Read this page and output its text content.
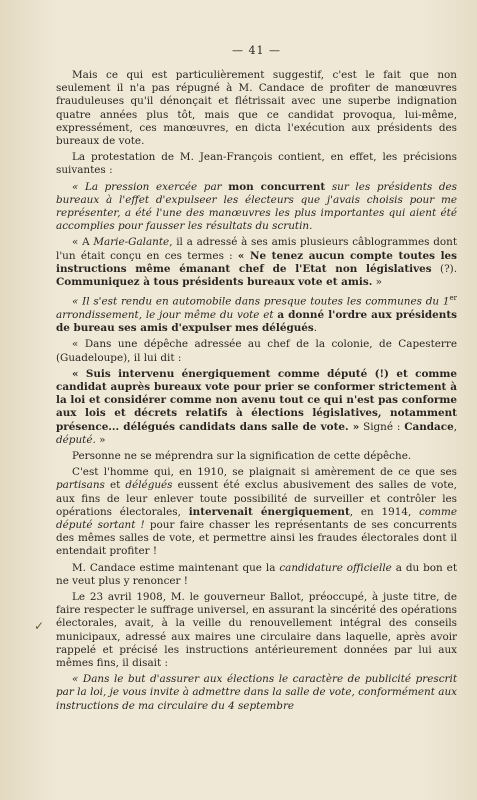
— 41 —

Mais ce qui est particulièrement suggestif, c'est le fait que non seulement il n'a pas répugné à M. Candace de profiter de manœuvres frauduleuses qu'il dénonçait et flétrissait avec une superbe indignation quatre années plus tôt, mais que ce candidat provoqua, lui-même, expressément, ces manœuvres, en dicta l'exécution aux présidents des bureaux de vote.

La protestation de M. Jean-François contient, en effet, les précisions suivantes :

« La pression exercée par mon concurrent sur les présidents des bureaux à l'effet d'expulseer les électeurs que j'avais choisis pour me représenter, a été l'une des manœuvres les plus importantes qui aient été accomplies pour fausser les résultats du scrutin.

« A Marie-Galante, il a adressé à ses amis plusieurs câblogrammes dont l'un était conçu en ces termes : « Ne tenez aucun compte toutes les instructions même émanant chef de l'Etat non législatives (?). Communiquez à tous présidents bureaux vote et amis. »

« Il s'est rendu en automobile dans presque toutes les communes du 1er arrondissement, le jour même du vote et a donné l'ordre aux présidents de bureau ses amis d'expulser mes délégués.

« Dans une dépêche adressée au chef de la colonie, de Capesterre (Guadeloupe), il lui dit :

« Suis intervenu énergiquement comme député (!) et comme candidat auprès bureaux vote pour prier se conformer strictement à la loi et considérer comme non avenu tout ce qui n'est pas conforme aux lois et décrets relatifs à élections législatives, notamment présence... délégués candidats dans salle de vote. » Signé : Candace, député. »

Personne ne se méprendra sur la signification de cette dépêche.

C'est l'homme qui, en 1910, se plaignait si amèrement de ce que ses partisans et délégués eussent été exclus abusivement des salles de vote, aux fins de leur enlever toute possibilité de surveiller et contrôler les opérations électorales, intervenait énergiquement, en 1914, comme député sortant ! pour faire chasser les représentants de ses concurrents des mêmes salles de vote, et permettre ainsi les fraudes électorales dont il entendait profiter !

M. Candace estime maintenant que la candidature officielle a du bon et ne veut plus y renoncer !

Le 23 avril 1908, M. le gouverneur Ballot, préoccupé, à juste titre, de faire respecter le suffrage universel, en assurant la sincérité des opérations électorales, avait, à la veille du renouvellement intégral des conseils municipaux, adressé aux maires une circulaire dans laquelle, après avoir rappelé et précisé les instructions antérieurement données par lui aux mêmes fins, il disait :

« Dans le but d'assurer aux élections le caractère de publicité prescrit par la loi, je vous invite à admettre dans la salle de vote, conformément aux instructions de ma circulaire du 4 septembre

✓
